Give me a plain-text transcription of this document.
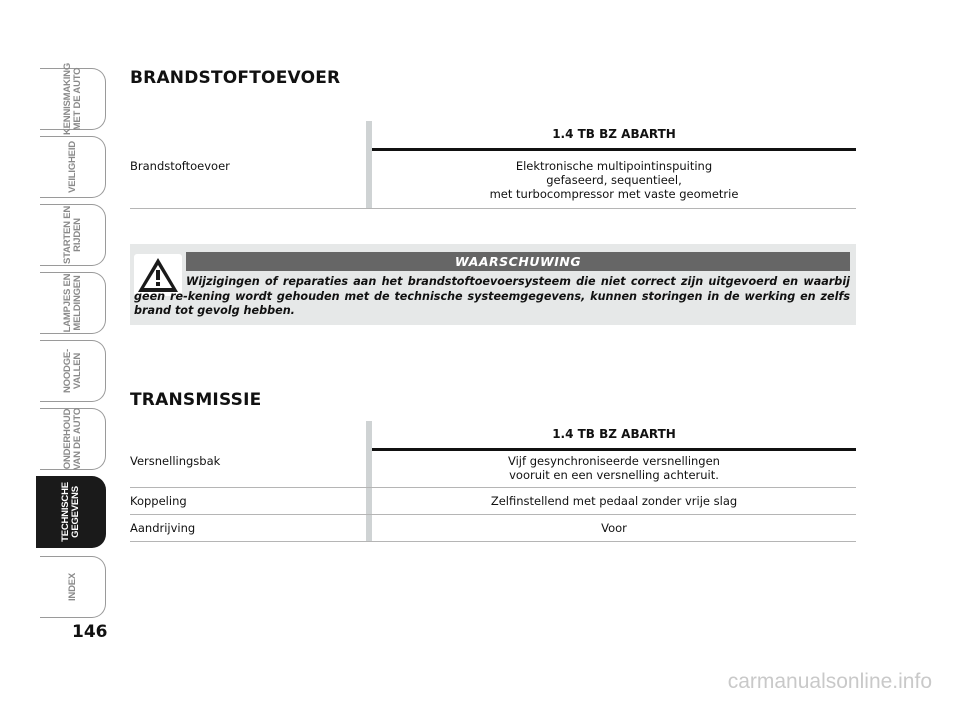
KENNISMAKING
MET DE AUTO
VEILIGHEID
STARTEN EN
RIJDEN
LAMPJES EN
MELDINGEN
NOODGE-
VALLEN
ONDERHOUD
VAN DE AUTO
TECHNISCHE
GEGEVENS
INDEX
146
BRANDSTOFTOEVOER
1.4 TB BZ ABARTH
Brandstoftoevoer	Elektronische multipointinspuiting
gefaseerd, sequentieel,
met turbocompressor met vaste geometrie
WAARSCHUWING
Wijzigingen of reparaties aan het brandstoftoevoersysteem die niet correct zijn uitgevoerd en waarbij geen re-kening wordt gehouden met de technische systeemgegevens, kunnen storingen in de werking en zelfs brand tot gevolg hebben.
TRANSMISSIE
1.4 TB BZ ABARTH
Versnellingsbak	Vijf gesynchroniseerde versnellingen
vooruit en een versnelling achteruit.
Koppeling	Zelfinstellend met pedaal zonder vrije slag
Aandrijving	Voor
carmanualsonline.info
